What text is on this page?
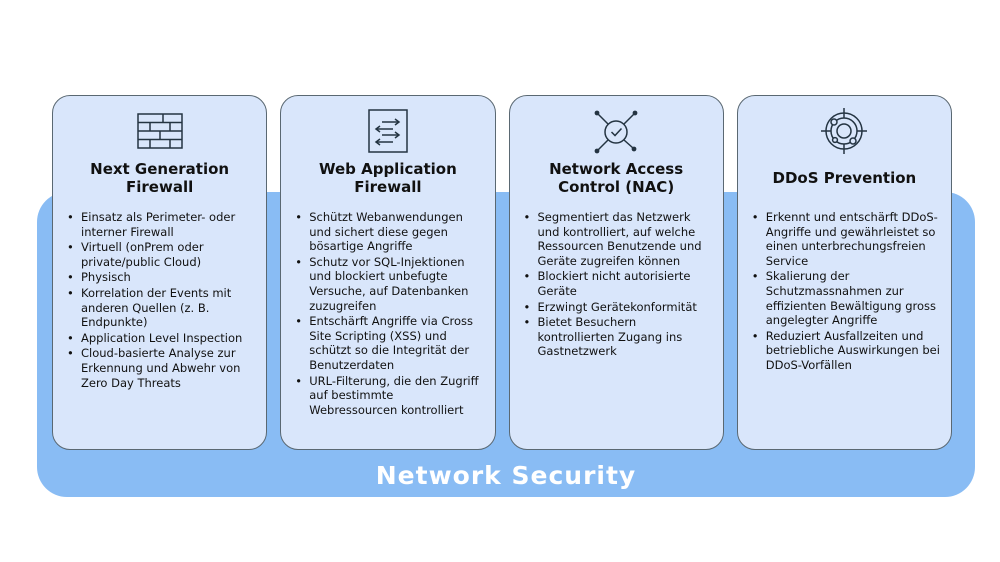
Network Security
Next Generation Firewall
• Einsatz als Perimeter- oder interner Firewall
• Virtuell (onPrem oder private/public Cloud)
• Physisch
• Korrelation der Events mit anderen Quellen (z. B. Endpunkte)
• Application Level Inspection
• Cloud-basierte Analyse zur Erkennung und Abwehr von Zero Day Threats
Web Application Firewall
• Schützt Webanwendungen und sichert diese gegen bösartige Angriffe
• Schutz vor SQL-Injektionen und blockiert unbefugte Versuche, auf Datenbanken zuzugreifen
• Entschärft Angriffe via Cross Site Scripting (XSS) und schützt so die Integrität der Benutzerdaten
• URL-Filterung, die den Zugriff auf bestimmte Webressourcen kontrolliert
Network Access Control (NAC)
• Segmentiert das Netzwerk und kontrolliert, auf welche Ressourcen Benutzende und Geräte zugreifen können
• Blockiert nicht autorisierte Geräte
• Erzwingt Gerätekonformität
• Bietet Besuchern kontrollierten Zugang ins Gastnetzwerk
DDoS Prevention
• Erkennt und entschärft DDoS-Angriffe und gewährleistet so einen unterbrechungsfreien Service
• Skalierung der Schutzmassnahmen zur effizienten Bewältigung gross angelegter Angriffe
• Reduziert Ausfallzeiten und betriebliche Auswirkungen bei DDoS-Vorfällen
